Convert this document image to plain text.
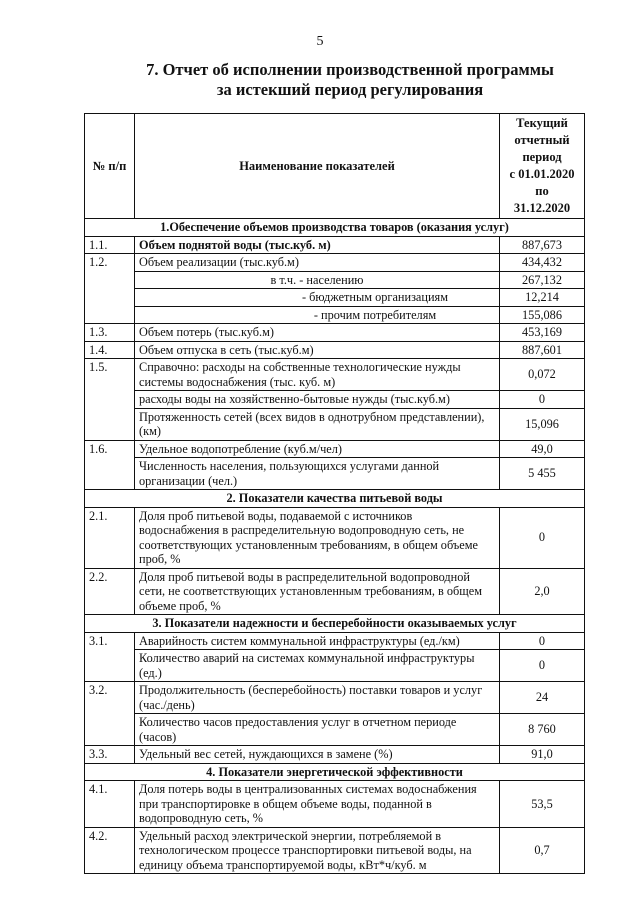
5
7. Отчет об исполнении производственной программы
за истекший период регулирования
№ п/п	Наименование показателей	Текущий
отчетный период
с 01.01.2020 по
31.12.2020

1.Обеспечение объемов производства товаров (оказания услуг)		
1.1.	Объем поднятой воды (тыс.куб. м)	887,673
1.2.	Объем реализации (тыс.куб.м)	434,432
	в т.ч. - населению	267,132
	- бюджетным организациям	12,214
	- прочим потребителям	155,086
1.3.	Объем потерь (тыс.куб.м)	453,169
1.4.	Объем отпуска в сеть (тыс.куб.м)	887,601
1.5.	Справочно: расходы на собственные технологические нужды системы водоснабжения (тыс. куб. м)	0,072
	расходы воды на хозяйственно-бытовые нужды (тыс.куб.м)	0
	Протяженность сетей (всех видов в однотрубном представлении), (км)	15,096
1.6.	Удельное водопотребление (куб.м/чел)	49,0
	Численность населения, пользующихся услугами данной организации (чел.)	5 455
2. Показатели качества питьевой воды		
2.1.	Доля проб питьевой воды, подаваемой с источников водоснабжения в распределительную водопроводную сеть, не соответствующих установленным требованиям, в общем объеме проб, %	0
2.2.	Доля проб питьевой воды в распределительной водопроводной сети, не соответствующих установленным требованиям, в общем объеме проб, %	2,0
3. Показатели надежности и бесперебойности оказываемых услуг		
3.1.	Аварийность систем коммунальной инфраструктуры (ед./км)	0
	Количество аварий на системах коммунальной инфраструктуры (ед.)	0
3.2.	Продолжительность (бесперебойность) поставки товаров и услуг (час./день)	24
	Количество часов предоставления услуг в отчетном периоде (часов)	8 760
3.3.	Удельный вес сетей, нуждающихся в замене (%)	91,0
4. Показатели энергетической эффективности		
4.1.	Доля потерь воды в централизованных системах водоснабжения при транспортировке в общем объеме воды, поданной в водопроводную сеть, %	53,5
4.2.	Удельный расход электрической энергии, потребляемой в технологическом процессе транспортировки питьевой воды, на единицу объема транспортируемой воды, кВт*ч/куб. м	0,7
